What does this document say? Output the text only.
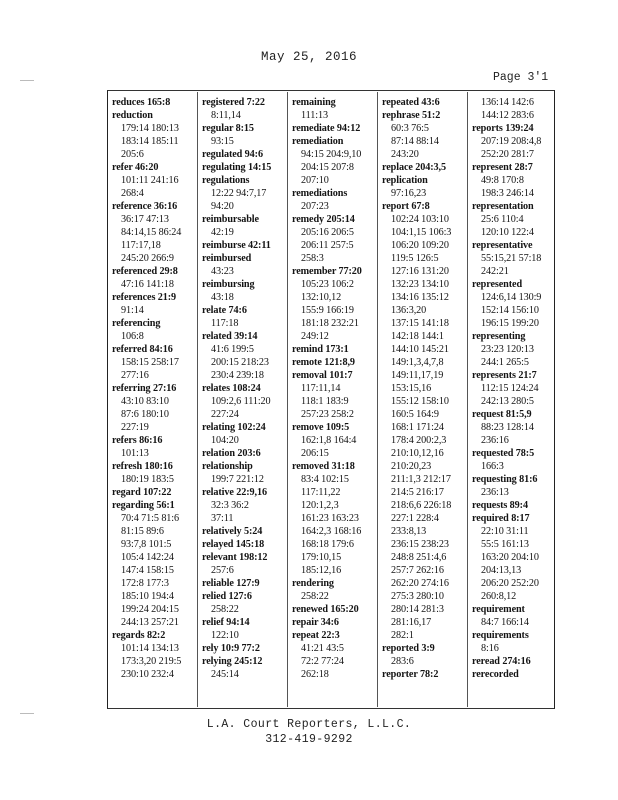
May 25, 2016
Page 3'1
reduces 165:8
reduction
179:14 180:13
183:14 185:11
205:6
refer 46:20
101:11 241:16
268:4
reference 36:16
36:17 47:13
84:14,15 86:24
117:17,18
245:20 266:9
referenced 29:8
47:16 141:18
references 21:9
91:14
referencing
106:8
referred 84:16
158:15 258:17
277:16
referring 27:16
43:10 83:10
87:6 180:10
227:19
refers 86:16
101:13
refresh 180:16
180:19 183:5
regard 107:22
regarding 56:1
70:4 71:5 81:6
81:15 89:6
93:7,8 101:5
105:4 142:24
147:4 158:15
172:8 177:3
185:10 194:4
199:24 204:15
244:13 257:21
regards 82:2
101:14 134:13
173:3,20 219:5
230:10 232:4
registered 7:22
8:11,14
regular 8:15
93:15
regulated 94:6
regulating 14:15
regulations
12:22 94:7,17
94:20
reimbursable
42:19
reimburse 42:11
reimbursed
43:23
reimbursing
43:18
relate 74:6
117:18
related 39:14
41:6 199:5
200:15 218:23
230:4 239:18
relates 108:24
109:2,6 111:20
227:24
relating 102:24
104:20
relation 203:6
relationship
199:7 221:12
relative 22:9,16
32:3 36:2
37:11
relatively 5:24
relayed 145:18
relevant 198:12
257:6
reliable 127:9
relied 127:6
258:22
relief 94:14
122:10
rely 10:9 77:2
relying 245:12
245:14
remaining
111:13
remediate 94:12
remediation
94:15 204:9,10
204:15 207:8
207:10
remediations
207:23
remedy 205:14
205:16 206:5
206:11 257:5
258:3
remember 77:20
105:23 106:2
132:10,12
155:9 166:19
181:18 232:21
249:12
remind 173:1
remote 121:8,9
removal 101:7
117:11,14
118:1 183:9
257:23 258:2
remove 109:5
162:1,8 164:4
206:15
removed 31:18
83:4 102:15
117:11,22
120:1,2,3
161:23 163:23
164:2,3 168:16
168:18 179:6
179:10,15
185:12,16
rendering
258:22
renewed 165:20
repair 34:6
repeat 22:3
41:21 43:5
72:2 77:24
262:18
repeated 43:6
rephrase 51:2
60:3 76:5
87:14 88:14
243:20
replace 204:3,5
replication
97:16,23
report 67:8
102:24 103:10
104:1,15 106:3
106:20 109:20
119:5 126:5
127:16 131:20
132:23 134:10
134:16 135:12
136:3,20
137:15 141:18
142:18 144:1
144:10 145:21
149:1,3,4,7,8
149:11,17,19
153:15,16
155:12 158:10
160:5 164:9
168:1 171:24
178:4 200:2,3
210:10,12,16
210:20,23
211:1,3 212:17
214:5 216:17
218:6,6 226:18
227:1 228:4
233:8,13
236:15 238:23
248:8 251:4,6
257:7 262:16
262:20 274:16
275:3 280:10
280:14 281:3
281:16,17
282:1
reported 3:9
283:6
reporter 78:2
136:14 142:6
144:12 283:6
reports 139:24
207:19 208:4,8
252:20 281:7
represent 28:7
49:8 170:8
198:3 246:14
representation
25:6 110:4
120:10 122:4
representative
55:15,21 57:18
242:21
represented
124:6,14 130:9
152:14 156:10
196:15 199:20
representing
23:23 120:13
244:1 265:5
represents 21:7
112:15 124:24
242:13 280:5
request 81:5,9
88:23 128:14
236:16
requested 78:5
166:3
requesting 81:6
236:13
requests 89:4
required 8:17
22:10 31:11
55:5 161:13
163:20 204:10
204:13,13
206:20 252:20
260:8,12
requirement
84:7 166:14
requirements
8:16
reread 274:16
rerecorded
L.A. Court Reporters, L.L.C.
312-419-9292
